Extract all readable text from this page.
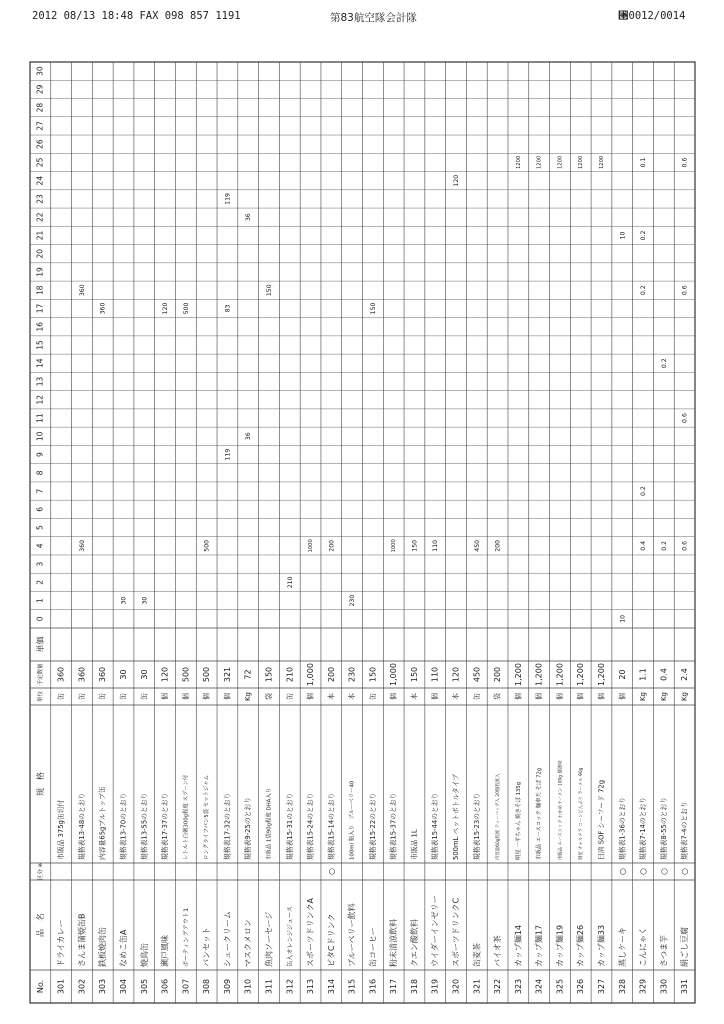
2012 08/13 18:48 FAX 098 857 1191	第83航空隊会計隊	⑓0012/0014
No.
品　名
区分 ※
規　格
単位
予定数量
単価
0
1
2
3
4
5
6
7
8
9
10
11
12
13
14
15
16
17
18
19
20
21
22
23
24
25
26
27
28
29
30
301
ドライカレー
市販品 375g缶切付
缶
360
302
さんま蒲焼缶B
規格表13-48のとおり
缶
360
360
360
303
鉄板焼肉缶
内容量65gプルトップ缶
缶
360
360
304
なめこ缶A
規格表13-70のとおり
缶
30
30
305
焼鳥缶
規格表13-55のとおり
缶
30
30
306
瀬戸風味
規格表17-37のとおり
個
120
120
307
ポーティングアウト1
レトルト白粥300g程度 スプーン付
個
500
500
308
パンセット
ロングライフパン5袋 セットジャム
個
500
500
309
シュークリーム
規格表17-32のとおり
個
321
119
83
119
310
マスクメロン
規格表9-25のとおり
Kg
72
36
36
311
魚肉ソーセージ
市販品 1袋90g程度 DHA入り
袋
150
150
312
缶入オレンジジュース
規格表15-31のとおり
缶
210
210
313
スポーツドリンクA
規格表15-24のとおり
個
1,000
1000
314
ビタCドリンク
○
規格表15-14のとおり
本
200
200
315
ブルーベリー飲料
100ml 瓶入り　ブルーベリー40
本
230
230
316
缶コーヒー
規格表15-22のとおり
缶
150
150
317
粉末清涼飲料
規格表15-37のとおり
個
1,000
1000
318
クエン酸飲料
市販品 1L
本
150
150
319
ウイダーインゼリー
規格表15-44のとおり
個
110
110
320
スポーツドリンクC
500mL ペットボトルタイプ
本
120
120
321
缶麦茶
規格表15-23のとおり
缶
450
450
322
バイオ茶
内容量60g程度 ティーバッグ入 20個程度入
袋
200
200
323
カップ麺14
明星 一平ちゃん 焼きそば 135g
個
1,200
1200
324
カップ麺17
市販品 エースコック 麺奉天 そば 72g
個
1,200
1200
325
カップ麺19
市販品 エースコック わかめラーメン 100g 醤油味
個
1,200
1200
326
カップ麺26
明星 チャルメラ コーンどんぶり ラーメル 90g
個
1,200
1200
327
カップ麺33
日清 SOF シーフード 72g
個
1,200
1200
328
蒸しケーキ
○
規格表1-36のとおり
個
20
10
10
329
こんにゃく
○
規格表7-14のとおり
Kg
1.1
0.4
0.2
0.2
0.2
0.1
330
さつま芋
○
規格表8-55のとおり
Kg
0.4
0.2
0.2
331
絹ごし豆腐
○
規格表7-4のとおり
Kg
2.4
0.6
0.6
0.6
0.6
